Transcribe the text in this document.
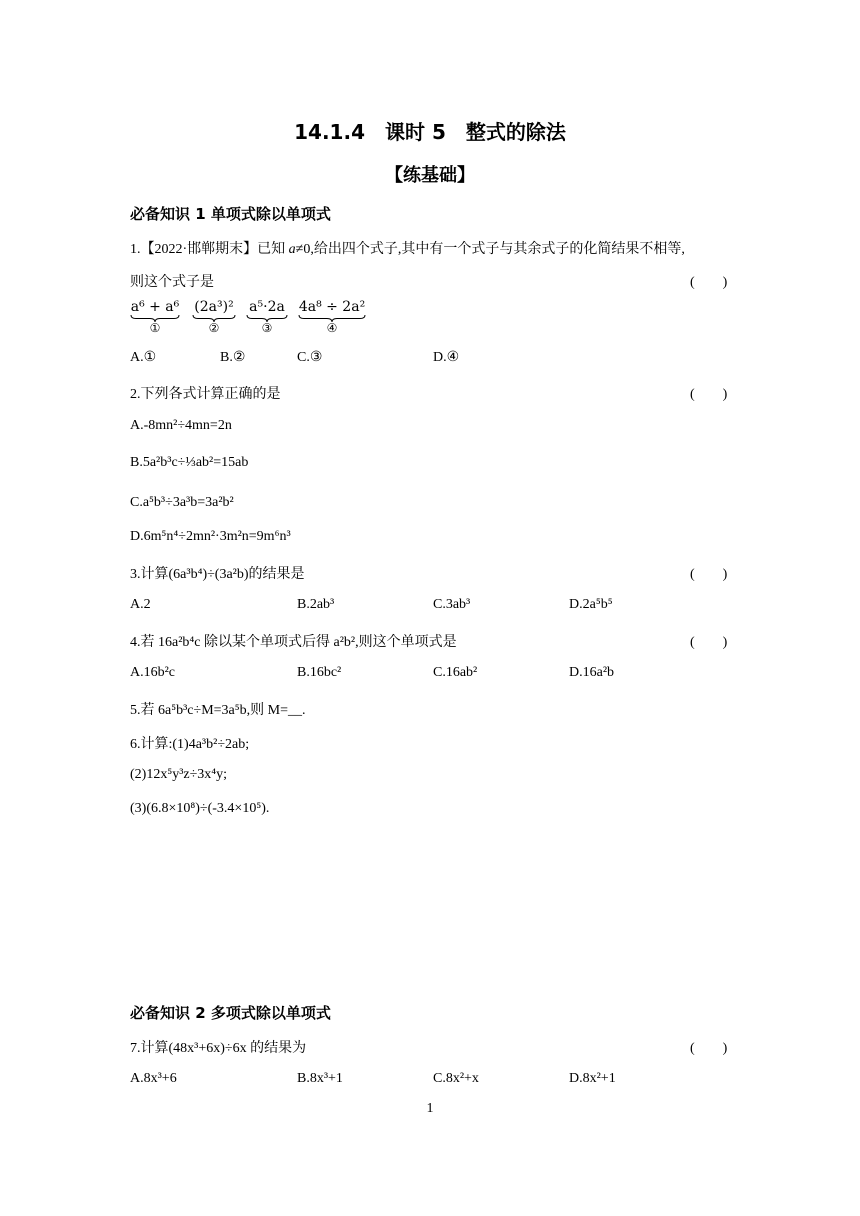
14.1.4　课时 5　整式的除法
【练基础】
必备知识 1 单项式除以单项式
1.【2022·邯郸期末】已知 a≠0,给出四个式子,其中有一个式子与其余式子的化简结果不相等,
则这个式子是	(　　)
a⁶ + a⁶
①
(2a³)²
②
a⁵·2a
③
4a⁸ ÷ 2a²
④
A.①	B.②	C.③	D.④
2.下列各式计算正确的是	(　　)
A.-8mn²÷4mn=2n
B.5a²b³c÷⅓ab²=15ab
C.a⁵b³÷3a³b=3a²b²
D.6m⁵n⁴÷2mn²·3m²n=9m⁶n³
3.计算(6a³b⁴)÷(3a²b)的结果是	(　　)
A.2	B.2ab³	C.3ab³	D.2a⁵b⁵
4.若 16a²b⁴c 除以某个单项式后得 a²b²,则这个单项式是	(　　)
A.16b²c	B.16bc²	C.16ab²	D.16a²b
5.若 6a⁵b³c÷M=3a⁵b,则 M=__.
6.计算:(1)4a³b²÷2ab;
(2)12x⁵y³z÷3x⁴y;
(3)(6.8×10⁸)÷(-3.4×10⁵).
必备知识 2 多项式除以单项式
7.计算(48x³+6x)÷6x 的结果为	(　　)
A.8x³+6	B.8x³+1	C.8x²+x	D.8x²+1
1
